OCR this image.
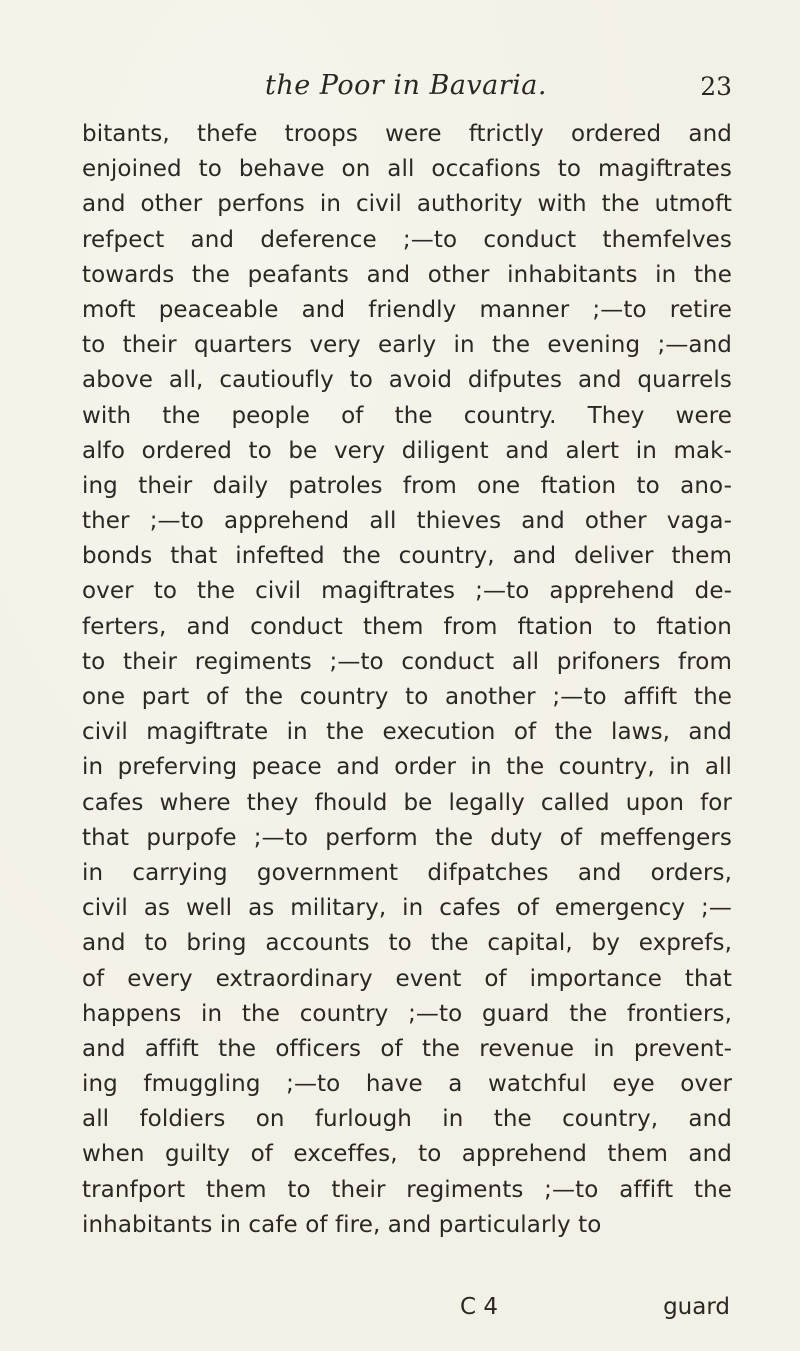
the Poor in Bavaria.	23
bitants, thefe troops were ftrictly ordered and
enjoined to behave on all occafions to magiftrates
and other perfons in civil authority with the utmoft
refpect and deference ;—to conduct themfelves
towards the peafants and other inhabitants in the
moft peaceable and friendly manner ;—to retire
to their quarters very early in the evening ;—and
above all, cautioufly to avoid difputes and quarrels
with the people of the country. They were
alfo ordered to be very diligent and alert in mak-
ing their daily patroles from one ftation to ano-
ther ;—to apprehend all thieves and other vaga-
bonds that infefted the country, and deliver them
over to the civil magiftrates ;—to apprehend de-
ferters, and conduct them from ftation to ftation
to their regiments ;—to conduct all prifoners from
one part of the country to another ;—to affift the
civil magiftrate in the execution of the laws, and
in preferving peace and order in the country, in all
cafes where they fhould be legally called upon for
that purpofe ;—to perform the duty of meffengers
in carrying government difpatches and orders,
civil as well as military, in cafes of emergency ;—
and to bring accounts to the capital, by exprefs,
of every extraordinary event of importance that
happens in the country ;—to guard the frontiers,
and affift the officers of the revenue in prevent-
ing fmuggling ;—to have a watchful eye over
all foldiers on furlough in the country, and
when guilty of exceffes, to apprehend them and
tranfport them to their regiments ;—to affift the
inhabitants in cafe of fire, and particularly to
C 4	guard
